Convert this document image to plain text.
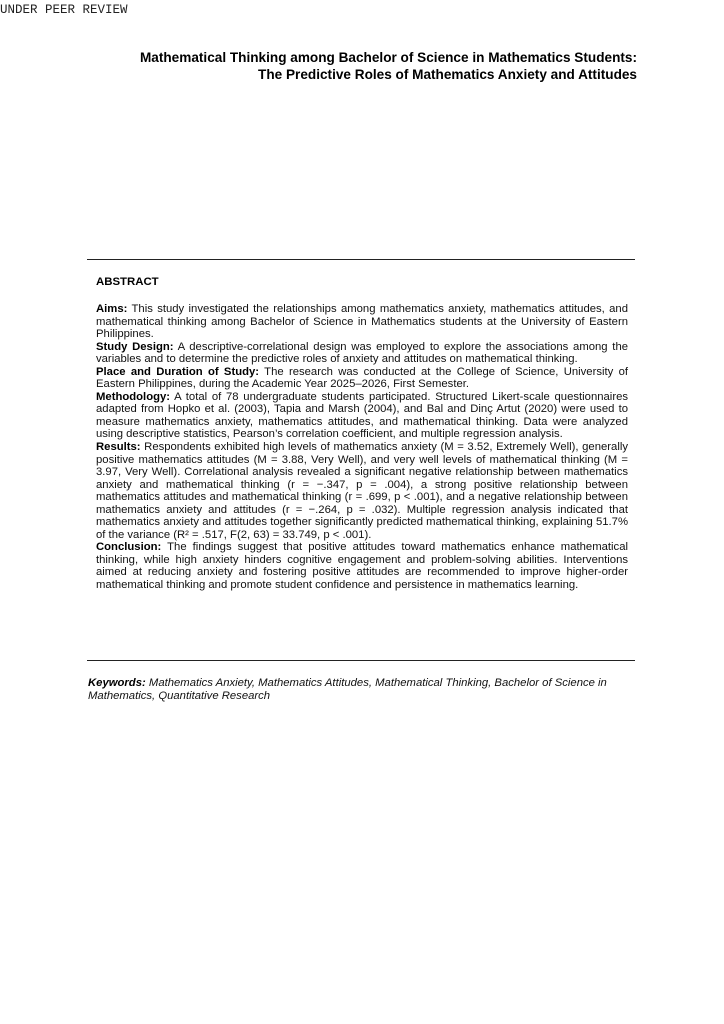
UNDER PEER REVIEW
Mathematical Thinking among Bachelor of Science in Mathematics Students:
The Predictive Roles of Mathematics Anxiety and Attitudes
ABSTRACT

Aims: This study investigated the relationships among mathematics anxiety, mathematics attitudes, and mathematical thinking among Bachelor of Science in Mathematics students at the University of Eastern Philippines.

Study Design: A descriptive-correlational design was employed to explore the associations among the variables and to determine the predictive roles of anxiety and attitudes on mathematical thinking.

Place and Duration of Study: The research was conducted at the College of Science, University of Eastern Philippines, during the Academic Year 2025–2026, First Semester.

Methodology: A total of 78 undergraduate students participated. Structured Likert-scale questionnaires adapted from Hopko et al. (2003), Tapia and Marsh (2004), and Bal and Dinç Artut (2020) were used to measure mathematics anxiety, mathematics attitudes, and mathematical thinking. Data were analyzed using descriptive statistics, Pearson’s correlation coefficient, and multiple regression analysis.

Results: Respondents exhibited high levels of mathematics anxiety (M = 3.52, Extremely Well), generally positive mathematics attitudes (M = 3.88, Very Well), and very well levels of mathematical thinking (M = 3.97, Very Well). Correlational analysis revealed a significant negative relationship between mathematics anxiety and mathematical thinking (r = −.347, p = .004), a strong positive relationship between mathematics attitudes and mathematical thinking (r = .699, p < .001), and a negative relationship between mathematics anxiety and attitudes (r = −.264, p = .032). Multiple regression analysis indicated that mathematics anxiety and attitudes together significantly predicted mathematical thinking, explaining 51.7% of the variance (R² = .517, F(2, 63) = 33.749, p < .001).

Conclusion: The findings suggest that positive attitudes toward mathematics enhance mathematical thinking, while high anxiety hinders cognitive engagement and problem-solving abilities. Interventions aimed at reducing anxiety and fostering positive attitudes are recommended to improve higher-order mathematical thinking and promote student confidence and persistence in mathematics learning.

Keywords: Mathematics Anxiety, Mathematics Attitudes, Mathematical Thinking, Bachelor of Science in Mathematics, Quantitative Research
